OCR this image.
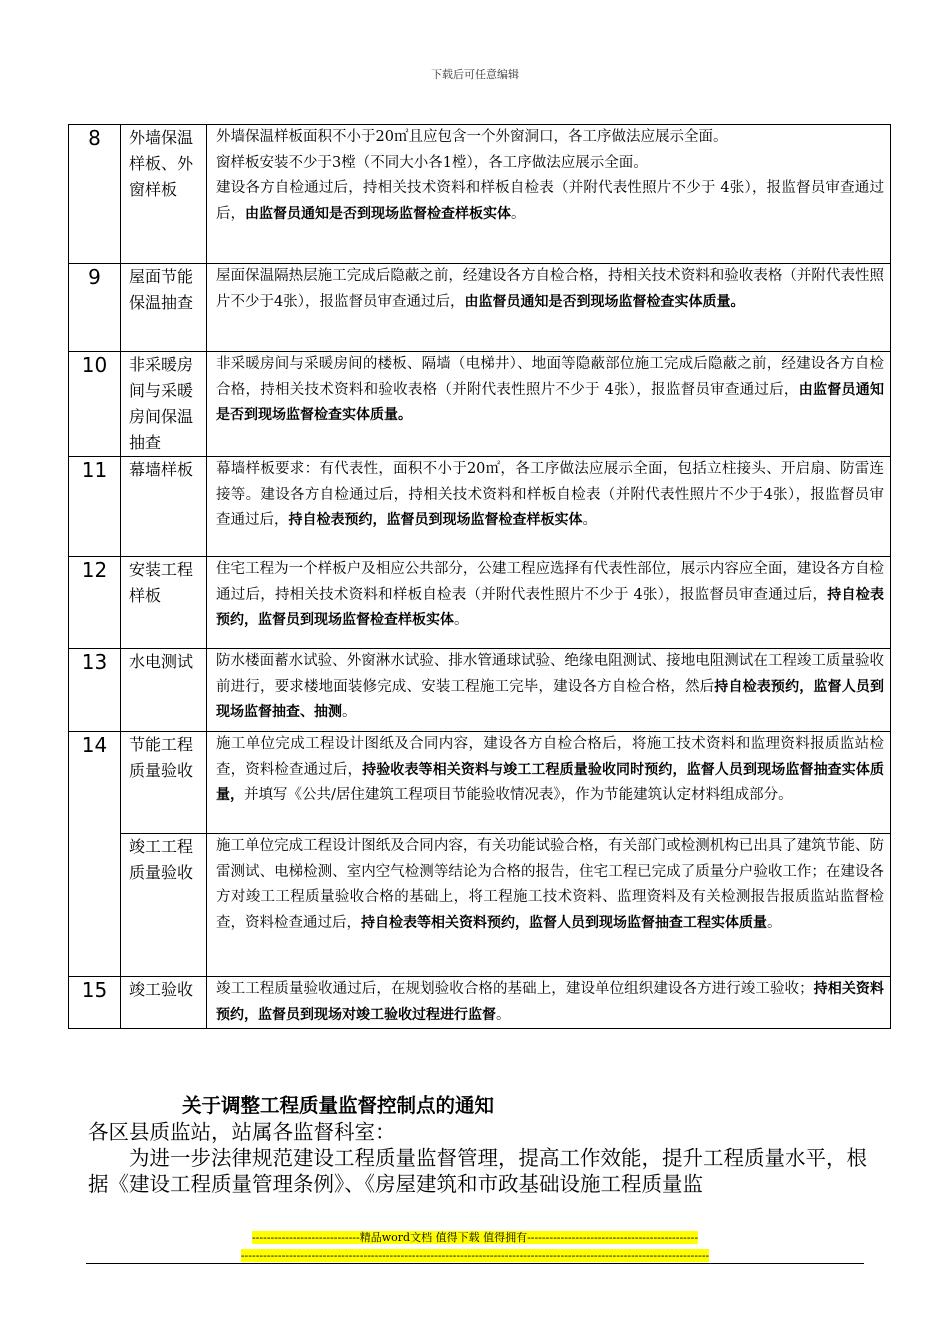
下载后可任意编辑
8	外墙保温样板、外窗样板	外墙保温样板面积不小于20㎡且应包含一个外窗洞口，各工序做法应展示全面。
窗样板安装不少于3樘（不同大小各1樘），各工序做法应展示全面。
建设各方自检通过后，持相关技术资料和样板自检表（并附代表性照片不少于 4张），报监督员审查通过后，由监督员通知是否到现场监督检查样板实体。
9	屋面节能保温抽查	屋面保温隔热层施工完成后隐蔽之前，经建设各方自检合格，持相关技术资料和验收表格（并附代表性照片不少于4张），报监督员审查通过后，由监督员通知是否到现场监督检查实体质量。
10	非采暖房间与采暖房间保温抽查	非采暖房间与采暖房间的楼板、隔墙（电梯井）、地面等隐蔽部位施工完成后隐蔽之前，经建设各方自检合格，持相关技术资料和验收表格（并附代表性照片不少于 4张），报监督员审查通过后，由监督员通知是否到现场监督检查实体质量。
11	幕墙样板	幕墙样板要求：有代表性，面积不小于20㎡，各工序做法应展示全面，包括立柱接头、开启扇、防雷连接等。建设各方自检通过后，持相关技术资料和样板自检表（并附代表性照片不少于4张），报监督员审查通过后，持自检表预约，监督员到现场监督检查样板实体。
12	安装工程样板	住宅工程为一个样板户及相应公共部分，公建工程应选择有代表性部位，展示内容应全面，建设各方自检通过后，持相关技术资料和样板自检表（并附代表性照片不少于 4张），报监督员审查通过后，持自检表预约，监督员到现场监督检查样板实体。
13	水电测试	防水楼面蓄水试验、外窗淋水试验、排水管通球试验、绝缘电阻测试、接地电阻测试在工程竣工质量验收前进行，要求楼地面装修完成、安装工程施工完毕，建设各方自检合格，然后持自检表预约，监督人员到现场监督抽查、抽测。
14	节能工程质量验收	施工单位完成工程设计图纸及合同内容，建设各方自检合格后，将施工技术资料和监理资料报质监站检查，资料检查通过后，持验收表等相关资料与竣工工程质量验收同时预约，监督人员到现场监督抽查实体质量，并填写《公共/居住建筑工程项目节能验收情况表》，作为节能建筑认定材料组成部分。
	竣工工程质量验收	施工单位完成工程设计图纸及合同内容，有关功能试验合格，有关部门或检测机构已出具了建筑节能、防雷测试、电梯检测、室内空气检测等结论为合格的报告，住宅工程已完成了质量分户验收工作；在建设各方对竣工工程质量验收合格的基础上，将工程施工技术资料、监理资料及有关检测报告报质监站监督检查，资料检查通过后，持自检表等相关资料预约，监督人员到现场监督抽查工程实体质量。
15	竣工验收	竣工工程质量验收通过后，在规划验收合格的基础上，建设单位组织建设各方进行竣工验收；持相关资料预约，监督员到现场对竣工验收过程进行监督。
关于调整工程质量监督控制点的通知
各区县质监站，站属各监督科室：
为进一步法律规范建设工程质量监督管理，提高工作效能，提升工程质量水平，根据《建设工程质量管理条例》、《房屋建筑和市政基础设施工程质量监
-----------------------------精品word文档 值得下载 值得拥有----------------------------------------------
------------------------------------------------------------------------------------------------------------------------------
